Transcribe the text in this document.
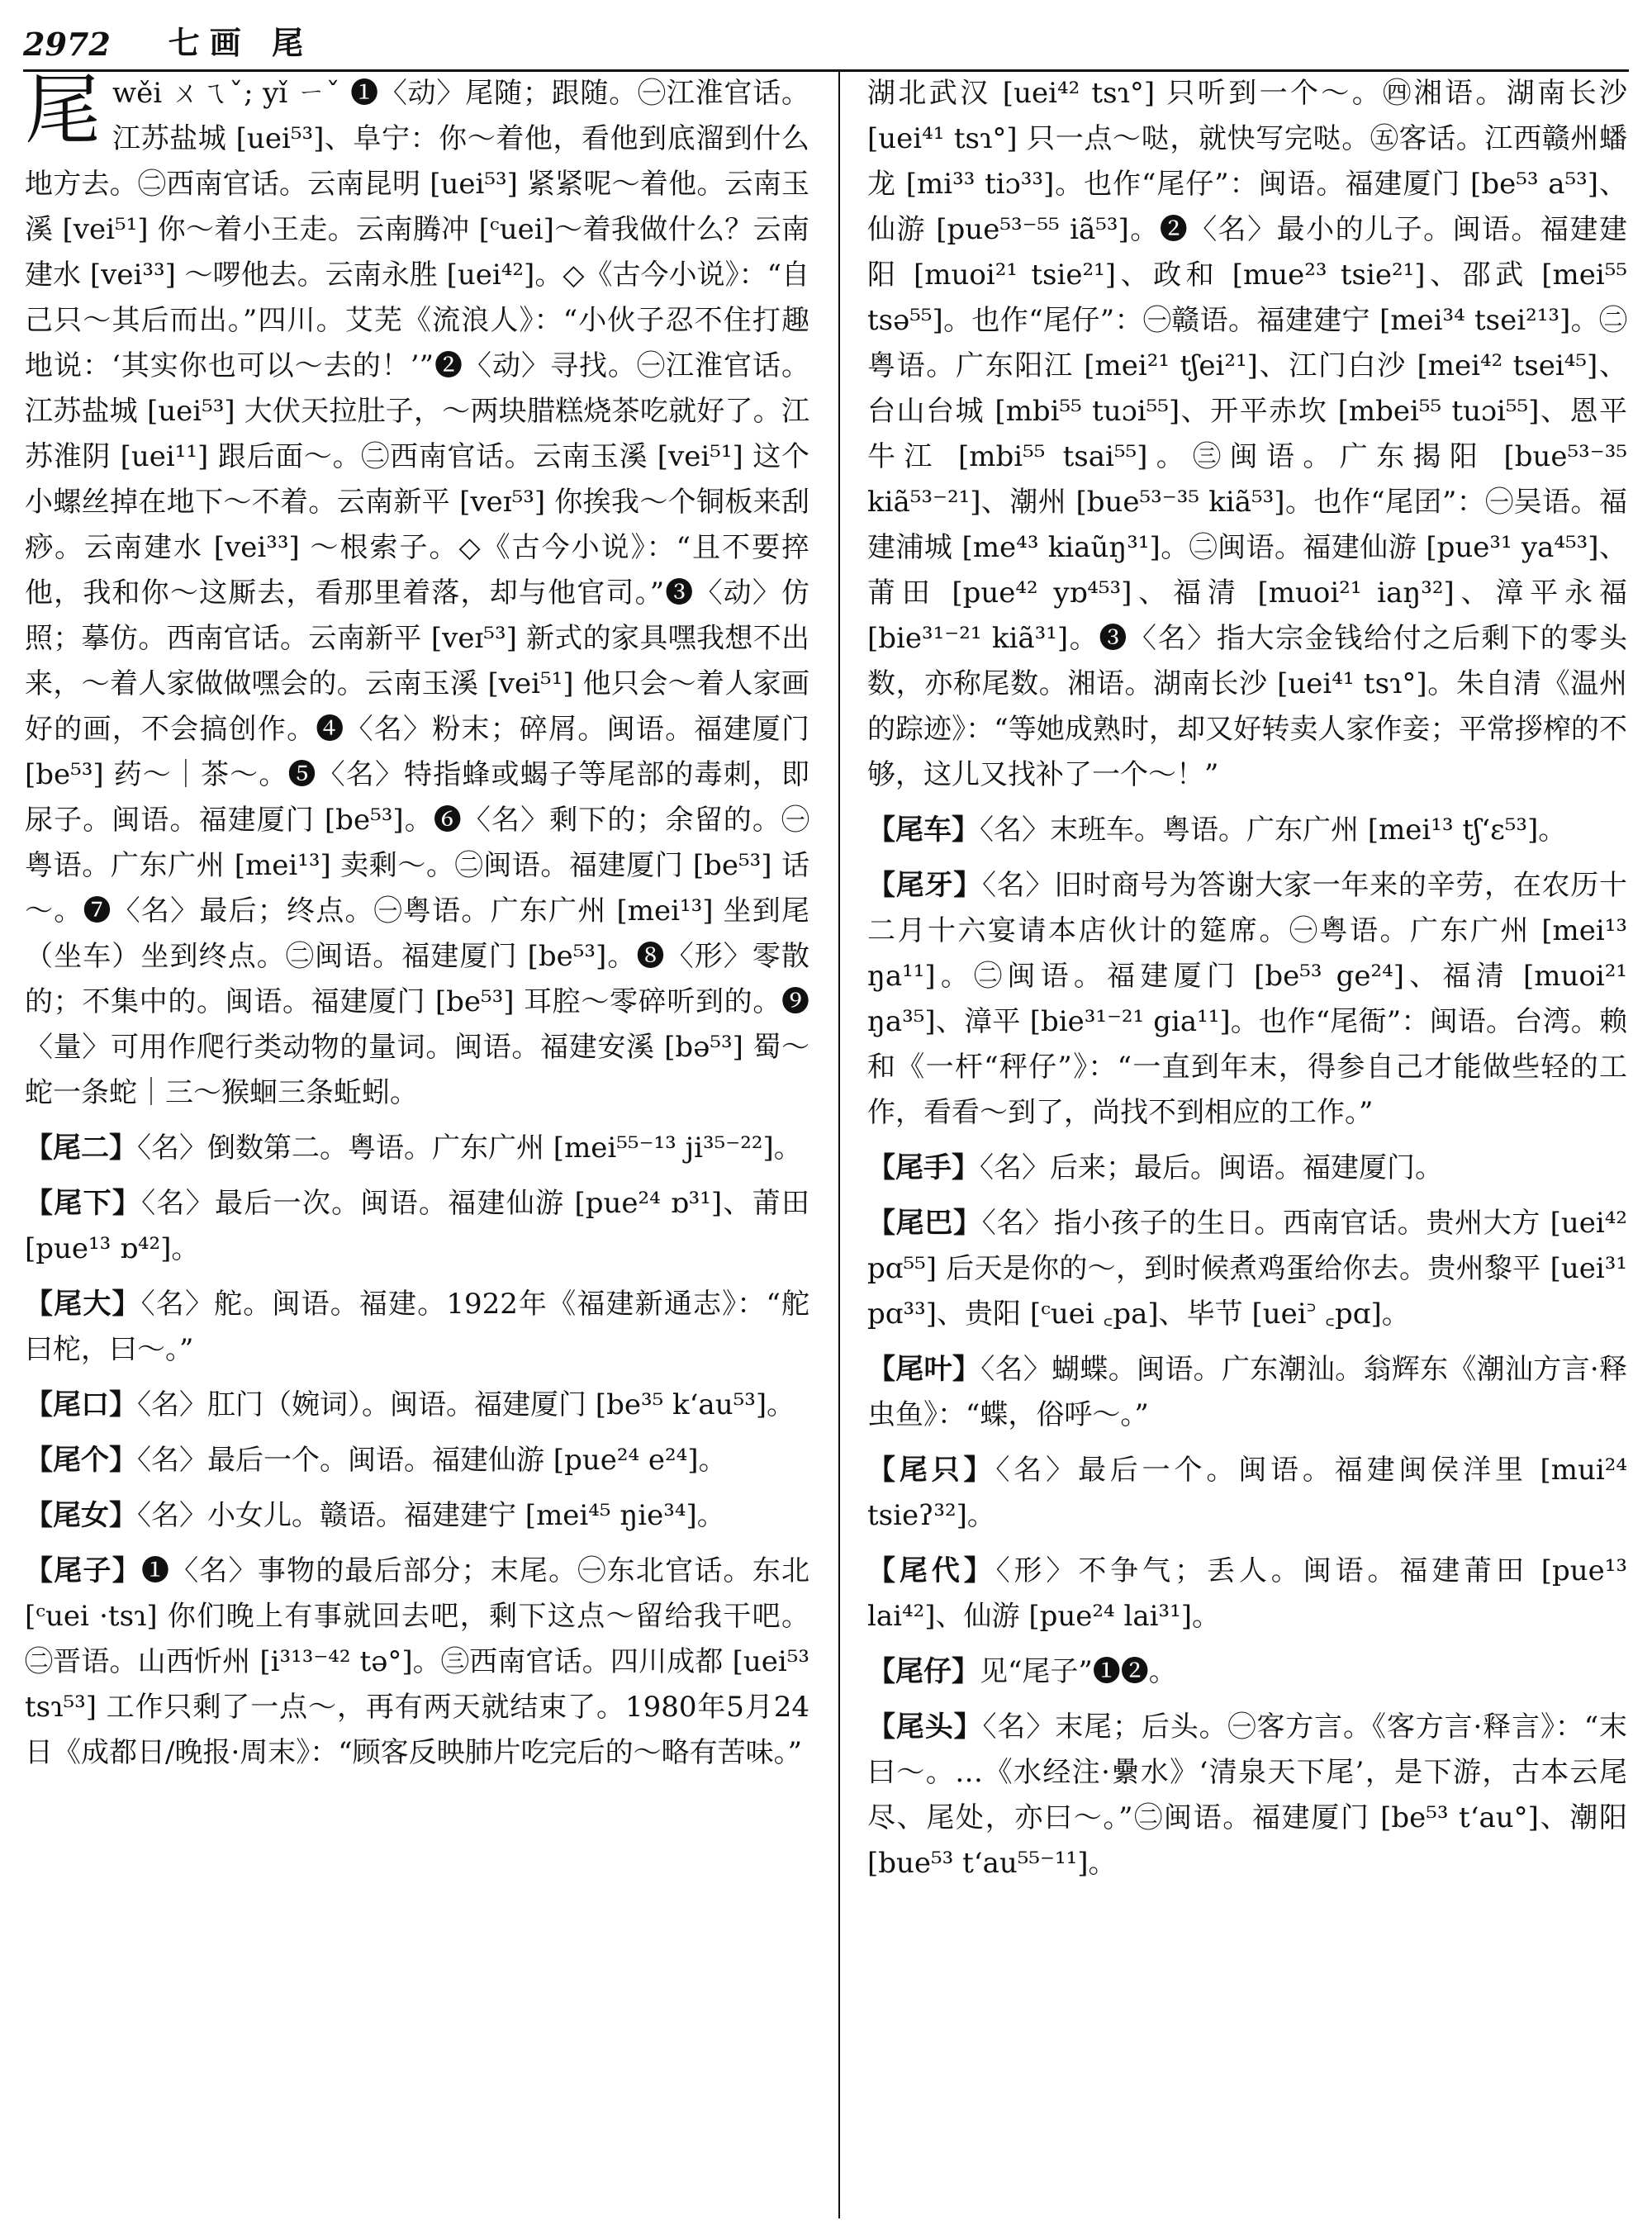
2972 七画 尾
尾 wěi ㄨㄟˇ; yǐ ㄧˇ ❶〈动〉尾随；跟随。㊀江淮官话。江苏盐城 [uei⁵³]、阜宁：你～着他，看他到底溜到什么地方去。㊁西南官话。云南昆明 [uei⁵³] 紧紧呢～着他。云南玉溪 [vei⁵¹] 你～着小王走。云南腾冲 [ᶜuei]～着我做什么？云南建水 [vei³³] ～啰他去。云南永胜 [uei⁴²]。◇《古今小说》：“自己只～其后而出。”四川。艾芜《流浪人》：“小伙子忍不住打趣地说：‘其实你也可以～去的！’”❷〈动〉寻找。㊀江淮官话。江苏盐城 [uei⁵³] 大伏天拉肚子，～两块腊糕烧茶吃就好了。江苏淮阴 [uei¹¹] 跟后面～。㊁西南官话。云南玉溪 [vei⁵¹] 这个小螺丝掉在地下～不着。云南新平 [veɪ⁵³] 你挨我～个铜板来刮痧。云南建水 [vei³³] ～根索子。◇《古今小说》：“且不要捽他，我和你～这厮去，看那里着落，却与他官司。”❸〈动〉仿照；摹仿。西南官话。云南新平 [veɪ⁵³] 新式的家具嘿我想不出来，～着人家做做嘿会的。云南玉溪 [vei⁵¹] 他只会～着人家画好的画，不会搞创作。❹〈名〉粉末；碎屑。闽语。福建厦门 [be⁵³] 药～｜茶～。❺〈名〉特指蜂或蝎子等尾部的毒刺，即尿子。闽语。福建厦门 [be⁵³]。❻〈名〉剩下的；余留的。㊀粤语。广东广州 [mei¹³] 卖剩～。㊁闽语。福建厦门 [be⁵³] 话～。❼〈名〉最后；终点。㊀粤语。广东广州 [mei¹³] 坐到尾（坐车）坐到终点。㊁闽语。福建厦门 [be⁵³]。❽〈形〉零散的；不集中的。闽语。福建厦门 [be⁵³] 耳腔～零碎听到的。❾〈量〉可用作爬行类动物的量词。闽语。福建安溪 [bə⁵³] 蜀～蛇一条蛇｜三～猴蛔三条蚯蚓。
【尾二】〈名〉倒数第二。粤语。广东广州 [mei⁵⁵⁻¹³ ji³⁵⁻²²]。
【尾下】〈名〉最后一次。闽语。福建仙游 [pue²⁴ ɒ³¹]、莆田 [pue¹³ ɒ⁴²]。
【尾大】〈名〉舵。闽语。福建。1922年《福建新通志》：“舵曰柁，曰～。”
【尾口】〈名〉肛门（婉词）。闽语。福建厦门 [be³⁵ k‘au⁵³]。
【尾个】〈名〉最后一个。闽语。福建仙游 [pue²⁴ e²⁴]。
【尾女】〈名〉小女儿。赣语。福建建宁 [mei⁴⁵ ŋie³⁴]。
【尾子】❶〈名〉事物的最后部分；末尾。㊀东北官话。东北 [ᶜuei ·tsɿ] 你们晚上有事就回去吧，剩下这点～留给我干吧。㊁晋语。山西忻州 [i³¹³⁻⁴² tə°]。㊂西南官话。四川成都 [uei⁵³ tsɿ⁵³] 工作只剩了一点～，再有两天就结束了。1980年5月24日《成都日/晚报·周末》：“顾客反映肺片吃完后的～略有苦味。”
湖北武汉 [uei⁴² tsɿ°] 只听到一个～。㊃湘语。湖南长沙 [uei⁴¹ tsɿ°] 只一点～哒，就快写完哒。㊄客话。江西赣州蟠龙 [mi³³ tiɔ³³]。也作“尾仔”：闽语。福建厦门 [be⁵³ a⁵³]、仙游 [pue⁵³⁻⁵⁵ iã⁵³]。❷〈名〉最小的儿子。闽语。福建建阳 [muoi²¹ tsie²¹]、政和 [mue²³ tsie²¹]、邵武 [mei⁵⁵ tsə⁵⁵]。也作“尾仔”：㊀赣语。福建建宁 [mei³⁴ tsei²¹³]。㊁粤语。广东阳江 [mei²¹ tʃei²¹]、江门白沙 [mei⁴² tsei⁴⁵]、台山台城 [mbi⁵⁵ tuɔi⁵⁵]、开平赤坎 [mbei⁵⁵ tuɔi⁵⁵]、恩平牛江 [mbi⁵⁵ tsai⁵⁵]。㊂闽语。广东揭阳 [bue⁵³⁻³⁵ kiã⁵³⁻²¹]、潮州 [bue⁵³⁻³⁵ kiã⁵³]。也作“尾囝”：㊀吴语。福建浦城 [me⁴³ kiaũŋ³¹]。㊁闽语。福建仙游 [pue³¹ ya⁴⁵³]、莆田 [pue⁴² yɒ⁴⁵³]、福清 [muoi²¹ iaŋ³²]、漳平永福 [bie³¹⁻²¹ kiã³¹]。❸〈名〉指大宗金钱给付之后剩下的零头数，亦称尾数。湘语。湖南长沙 [uei⁴¹ tsɿ°]。朱自清《温州的踪迹》：“等她成熟时，却又好转卖人家作妾；平常拶榨的不够，这儿又找补了一个～！”
【尾车】〈名〉末班车。粤语。广东广州 [mei¹³ tʃ‘ɛ⁵³]。
【尾牙】〈名〉旧时商号为答谢大家一年来的辛劳，在农历十二月十六宴请本店伙计的筵席。㊀粤语。广东广州 [mei¹³ ŋa¹¹]。㊁闽语。福建厦门 [be⁵³ ge²⁴]、福清 [muoi²¹ ŋa³⁵]、漳平 [bie³¹⁻²¹ gia¹¹]。也作“尾衙”：闽语。台湾。赖和《一杆“秤仔”》：“一直到年末，得参自己才能做些轻的工作，看看～到了，尚找不到相应的工作。”
【尾手】〈名〉后来；最后。闽语。福建厦门。
【尾巴】〈名〉指小孩子的生日。西南官话。贵州大方 [uei⁴² pɑ⁵⁵] 后天是你的～，到时候煮鸡蛋给你去。贵州黎平 [uei³¹ pɑ³³]、贵阳 [ᶜuei ꜀pa]、毕节 [uei꜄ ꜀pɑ]。
【尾叶】〈名〉蝴蝶。闽语。广东潮汕。翁辉东《潮汕方言·释虫鱼》：“蝶，俗呼～。”
【尾只】〈名〉最后一个。闽语。福建闽侯洋里 [mui²⁴ tsieʔ³²]。
【尾代】〈形〉不争气；丢人。闽语。福建莆田 [pue¹³ lai⁴²]、仙游 [pue²⁴ lai³¹]。
【尾仔】见“尾子”❶❷。
【尾头】〈名〉末尾；后头。㊀客方言。《客方言·释言》：“末曰～。…《水经注·纍水》‘清泉天下尾’，是下游，古本云尾尽、尾处，亦曰～。”㊁闽语。福建厦门 [be⁵³ t‘au°]、潮阳 [bue⁵³ t‘au⁵⁵⁻¹¹]。
